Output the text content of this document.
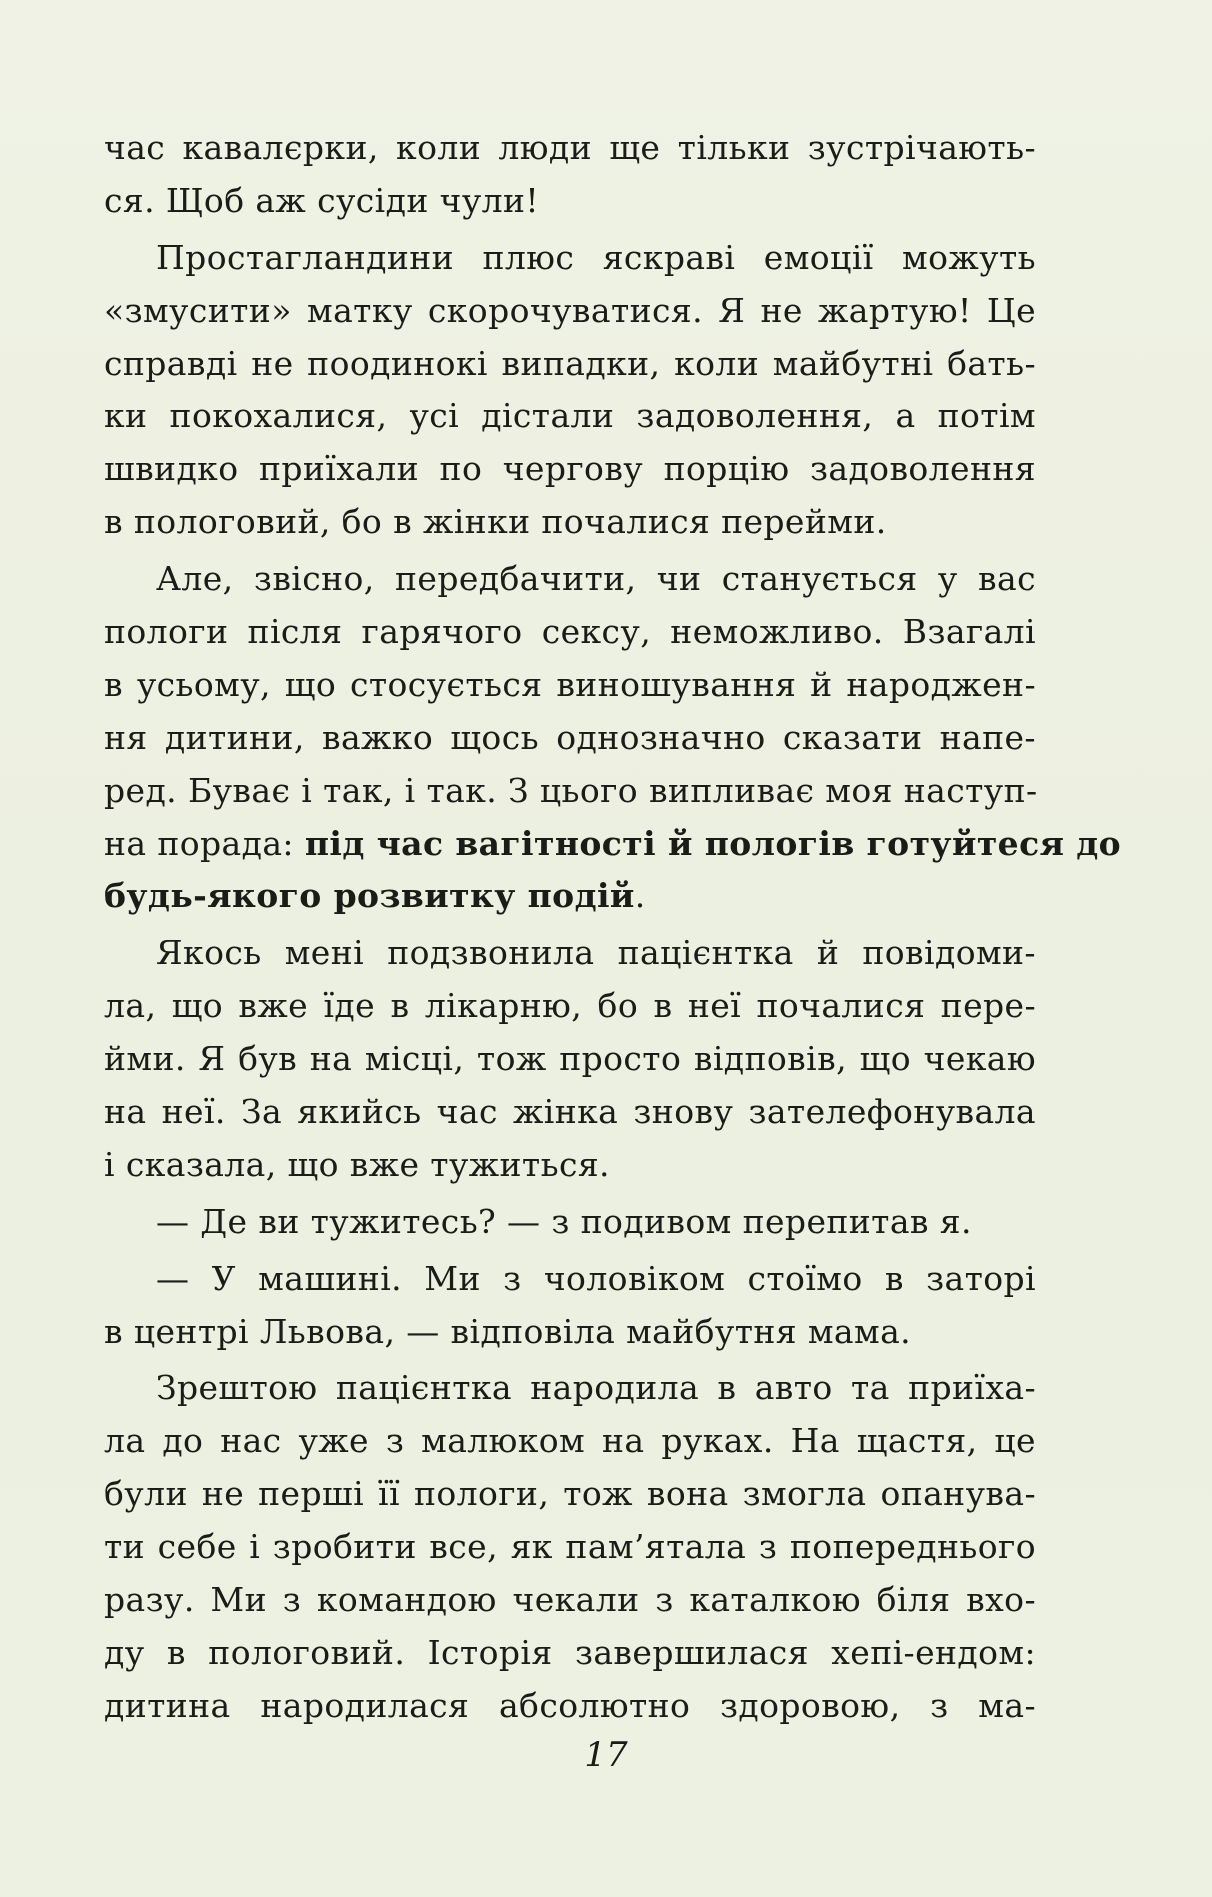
час кавалєрки, коли люди ще тільки зустрічають-
ся. Щоб аж сусіди чули!
Простагландини плюс яскраві емоції можуть
«змусити» матку скорочуватися. Я не жартую! Це
справді не поодинокі випадки, коли майбутні бать-
ки покохалися, усі дістали задоволення, а потім
швидко приїхали по чергову порцію задоволення
в пологовий, бо в жінки почалися перейми.
Але, звісно, передбачити, чи станується у вас
пологи після гарячого сексу, неможливо. Взагалі
в усьому, що стосується виношування й народжен-
ня дитини, важко щось однозначно сказати напе-
ред. Буває і так, і так. З цього випливає моя наступ-
на порада: під час вагітності й пологів готуйтеся до
будь-якого розвитку подій.
Якось мені подзвонила пацієнтка й повідоми-
ла, що вже їде в лікарню, бо в неї почалися пере-
йми. Я був на місці, тож просто відповів, що чекаю
на неї. За якийсь час жінка знову зателефонувала
і сказала, що вже тужиться.
— Де ви тужитесь? — з подивом перепитав я.
— У машині. Ми з чоловіком стоїмо в заторі
в центрі Львова, — відповіла майбутня мама.
Зрештою пацієнтка народила в авто та приїха-
ла до нас уже з малюком на руках. На щастя, це
були не перші її пологи, тож вона змогла опанува-
ти себе і зробити все, як пам’ятала з попереднього
разу. Ми з командою чекали з каталкою біля вхо-
ду в пологовий. Історія завершилася хепі-ендом:
дитина народилася абсолютно здоровою, з ма-
17
